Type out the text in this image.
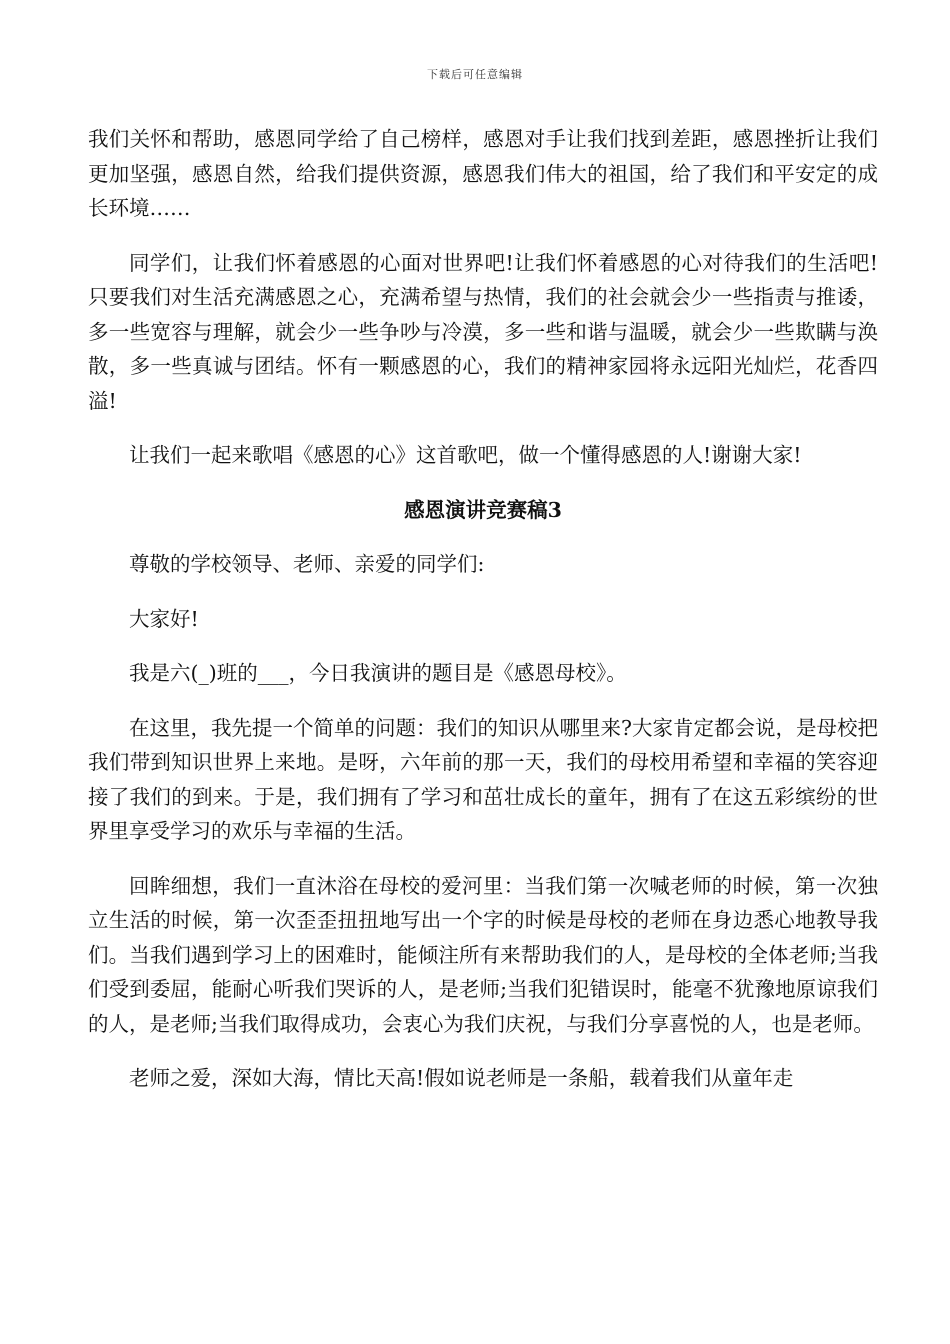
下载后可任意编辑

我们关怀和帮助，感恩同学给了自己榜样，感恩对手让我们找到差距，感恩挫折让我们更加坚强，感恩自然，给我们提供资源，感恩我们伟大的祖国，给了我们和平安定的成长环境……

同学们，让我们怀着感恩的心面对世界吧!让我们怀着感恩的心对待我们的生活吧!只要我们对生活充满感恩之心，充满希望与热情，我们的社会就会少一些指责与推诿，多一些宽容与理解，就会少一些争吵与冷漠，多一些和谐与温暖，就会少一些欺瞒与涣散，多一些真诚与团结。怀有一颗感恩的心，我们的精神家园将永远阳光灿烂，花香四溢!

让我们一起来歌唱《感恩的心》这首歌吧，做一个懂得感恩的人!谢谢大家!

感恩演讲竞赛稿3

尊敬的学校领导、老师、亲爱的同学们:

大家好!

我是六(_)班的___，今日我演讲的题目是《感恩母校》。

在这里，我先提一个简单的问题：我们的知识从哪里来?大家肯定都会说，是母校把我们带到知识世界上来地。是呀，六年前的那一天，我们的母校用希望和幸福的笑容迎接了我们的到来。于是，我们拥有了学习和茁壮成长的童年，拥有了在这五彩缤纷的世界里享受学习的欢乐与幸福的生活。

回眸细想，我们一直沐浴在母校的爱河里：当我们第一次喊老师的时候，第一次独立生活的时候，第一次歪歪扭扭地写出一个字的时候是母校的老师在身边悉心地教导我们。当我们遇到学习上的困难时，能倾注所有来帮助我们的人，是母校的全体老师;当我们受到委屈，能耐心听我们哭诉的人，是老师;当我们犯错误时，能毫不犹豫地原谅我们的人，是老师;当我们取得成功，会衷心为我们庆祝，与我们分享喜悦的人，也是老师。

老师之爱，深如大海，情比天高!假如说老师是一条船，载着我们从童年走
